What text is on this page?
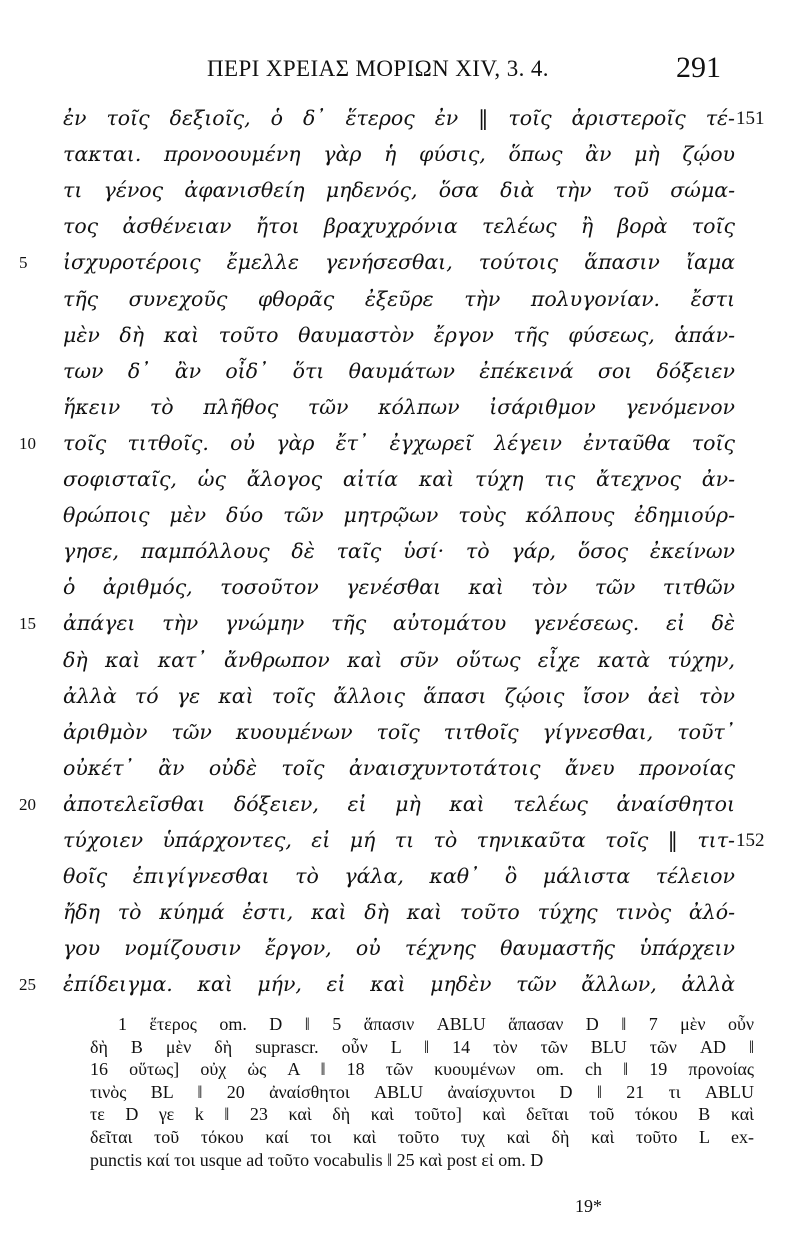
ΠΕΡΙ ΧΡΕΙΑΣ ΜΟΡΙΩΝ XIV, 3. 4.	291
ἐν τοῖς δεξιοῖς, ὁ δ᾽ ἕτερος ἐν ‖ τοῖς ἀριστεροῖς τέ- 151
τακται. προνοουμένη γὰρ ἡ φύσις, ὅπως ἂν μὴ ζῴου
τι γένος ἀφανισθείη μηδενός, ὅσα διὰ τὴν τοῦ σώμα-
τος ἀσθένειαν ἤτοι βραχυχρόνια τελέως ἢ βορὰ τοῖς
5 ἰσχυροτέροις ἔμελλε γενήσεσθαι, τούτοις ἅπασιν ἴαμα
τῆς συνεχοῦς φθορᾶς ἐξεῦρε τὴν πολυγονίαν. ἔστι
μὲν δὴ καὶ τοῦτο θαυμαστὸν ἔργον τῆς φύσεως, ἁπάν-
των δ᾽ ἂν οἶδ᾽ ὅτι θαυμάτων ἐπέκεινά σοι δόξειεν
ἥκειν τὸ πλῆθος τῶν κόλπων ἰσάριθμον γενόμενον
10 τοῖς τιτθοῖς. οὐ γὰρ ἔτ᾽ ἐγχωρεῖ λέγειν ἐνταῦθα τοῖς
σοφισταῖς, ὡς ἄλογος αἰτία καὶ τύχη τις ἄτεχνος ἀν-
θρώποις μὲν δύο τῶν μητρῷων τοὺς κόλπους ἐδημιούρ-
γησε, παμπόλλους δὲ ταῖς ὑσί· τὸ γάρ, ὅσος ἐκείνων
ὁ ἀριθμός, τοσοῦτον γενέσθαι καὶ τὸν τῶν τιτθῶν
15 ἀπάγει τὴν γνώμην τῆς αὐτομάτου γενέσεως. εἰ δὲ
δὴ καὶ κατ᾽ ἄνθρωπον καὶ σῦν οὕτως εἶχε κατὰ τύχην,
ἀλλὰ τό γε καὶ τοῖς ἄλλοις ἅπασι ζῴοις ἴσον ἀεὶ τὸν
ἀριθμὸν τῶν κυουμένων τοῖς τιτθοῖς γίγνεσθαι, τοῦτ᾽
οὐκέτ᾽ ἂν οὐδὲ τοῖς ἀναισχυντοτάτοις ἄνευ προνοίας
20 ἀποτελεῖσθαι δόξειεν, εἰ μὴ καὶ τελέως ἀναίσθητοι
τύχοιεν ὑπάρχοντες, εἰ μή τι τὸ τηνικαῦτα τοῖς ‖ τιτ- 152
θοῖς ἐπιγίγνεσθαι τὸ γάλα, καθ᾽ ὃ μάλιστα τέλειον
ἤδη τὸ κύημά ἐστι, καὶ δὴ καὶ τοῦτο τύχης τινὸς ἀλό-
γου νομίζουσιν ἔργον, οὐ τέχνης θαυμαστῆς ὑπάρχειν
25 ἐπίδειγμα. καὶ μήν, εἰ καὶ μηδὲν τῶν ἄλλων, ἀλλὰ
1 ἕτερος om. D ‖ 5 ἅπασιν ABLU ἅπασαν D ‖ 7 μὲν οὖν
δὴ B μὲν δὴ suprascr. οὖν L ‖ 14 τὸν τῶν BLU τῶν AD ‖
16 οὕτως] οὐχ ὡς A ‖ 18 τῶν κυουμένων om. ch ‖ 19 προνοίας
τινὸς BL ‖ 20 ἀναίσθητοι ABLU ἀναίσχυντοι D ‖ 21 τι ABLU
τε D γε k ‖ 23 καὶ δὴ καὶ τοῦτο] καὶ δεῖται τοῦ τόκου B καὶ
δεῖται τοῦ τόκου καί τοι καὶ τοῦτο τυχ καὶ δὴ καὶ τοῦτο L ex-
punctis καί τοι usque ad τοῦτο vocabulis ‖ 25 καὶ post εἰ om. D
19*
